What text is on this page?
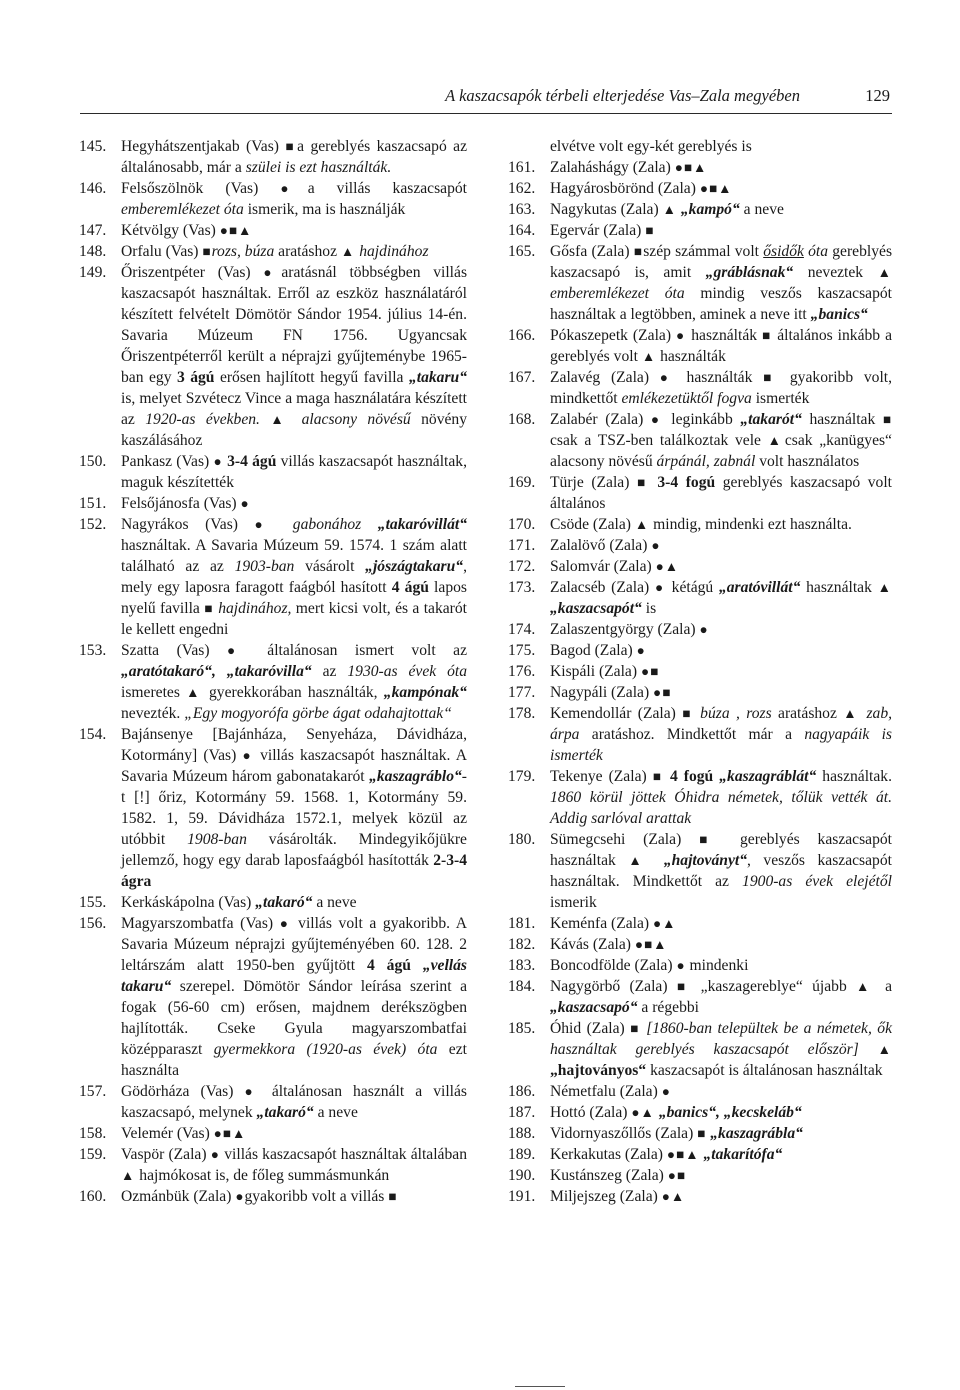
A kaszacsapók térbeli elterjedése Vas–Zala megyében	129
145. Hegyhátszentjakab (Vas) ■a gereblyés kaszacsapó az általánosabb, már a szülei is ezt használták.
146. Felsőszölnök (Vas) ●a villás kaszacsapót emberemlékezet óta ismerik, ma is használják
147. Kétvölgy (Vas) ●■▲
148. Orfalu (Vas) ■rozs, búza aratáshoz ▲ hajdinához
149. Őriszentpéter (Vas) ●aratásnál többségben villás kaszacsapót használtak. Erről az eszköz használatáról készített felvételt Dömötör Sándor 1954. július 14-én. Savaria Múzeum FN 1756. Ugyancsak Őriszentpéterről került a néprajzi gyűjteménybe 1965-ban egy 3 ágú erősen hajlított hegyű favilla „takaru“ is, melyet Szvétecz Vince a maga használatára készített az 1920-as években. ▲ alacsony növésű növény kaszálásához
150. Pankasz (Vas) ● 3-4 ágú villás kaszacsapót használtak, maguk készítették
151. Felsőjánosfa (Vas) ●
152. Nagyrákos (Vas) ● gabonához „takaróvillát“ használtak. A Savaria Múzeum 59. 1574. 1 szám alatt található az az 1903-ban vásárolt „jószágtakaru“, mely egy laposra faragott faágból hasított 4 ágú lapos nyelű favilla ■ hajdinához, mert kicsi volt, és a takarót le kellett engedni
153. Szatta (Vas) ● általánosan ismert volt az „aratótakaró“, „takaróvilla“ az 1930-as évek óta ismeretes ▲ gyerekkorában használták, „kampónak“ nevezték. „Egy mogyorófa görbe ágat odahajtottak“
154. Bajánsenye [Bajánháza, Senyeháza, Dávidháza, Kotormány] (Vas) ● villás kaszacsapót használtak. A Savaria Múzeum három gabonatakarót „kaszagráblo“-t [!] őriz, Kotormány 59. 1568. 1, Kotormány 59. 1582. 1, 59. Dávidháza 1572.1, melyek közül az utóbbit 1908-ban vásárolták. Mindegyikőjükre jellemző, hogy egy darab laposfaágból hasították 2-3-4 ágra
155. Kerkáskápolna (Vas) „takaró“ a neve
156. Magyarszombatfa (Vas) ● villás volt a gyakoribb. A Savaria Múzeum néprajzi gyűjteményében 60. 128. 2 leltárszám alatt 1950-ben gyűjtött 4 ágú „vellás takaru“ szerepel. Dömötör Sándor leírása szerint a fogak (56-60 cm) erősen, majdnem derékszögben hajlították. Cseke Gyula magyarszombatfai középparaszt gyermekkora (1920-as évek) óta ezt használta
157. Gödörháza (Vas) ● általánosan használt a villás kaszacsapó, melynek „takaró“ a neve
158. Velemér (Vas) ●■▲
159. Vaspör (Zala) ● villás kaszacsapót használtak általában ▲ hajmókosat is, de főleg summásmunkán
160. Ozmánbük (Zala) ●gyakoribb volt a villás ■
elvétve volt egy-két gereblyés is
161. Zalaháshágy (Zala) ●■▲
162. Hagyárosbörönd (Zala) ●■▲
163. Nagykutas (Zala) ▲ „kampó“ a neve
164. Egervár (Zala) ■
165. Gősfa (Zala) ■szép számmal volt ősidők óta gereblyés kaszacsapó is, amit „gráblásnak“ neveztek ▲ emberemlékezet óta mindig veszős kaszacsapót használtak a legtöbben, aminek a neve itt „banics“
166. Pókaszepetk (Zala) ● használták ■ általános inkább a gereblyés volt ▲ használták
167. Zalavég (Zala) ● használták ■ gyakoribb volt, mindkettőt emlékezetüktől fogva ismerték
168. Zalabér (Zala) ● leginkább „takarót“ használtak ■ csak a TSZ-ben találkoztak vele ▲csak „kanügyes“ alacsony növésű árpánál, zabnál volt használatos
169. Türje (Zala) ■ 3-4 fogú gereblyés kaszacsapó volt általános
170. Csöde (Zala) ▲ mindig, mindenki ezt használta.
171. Zalalövő (Zala) ●
172. Salomvár (Zala) ●▲
173. Zalacséb (Zala) ● kétágú „aratóvillát“ használtak ▲ „kaszacsapót“ is
174. Zalaszentgyörgy (Zala) ●
175. Bagod (Zala) ●
176. Kispáli (Zala) ●■
177. Nagypáli (Zala) ●■
178. Kemendollár (Zala) ■ búza , rozs aratáshoz ▲ zab, árpa aratáshoz. Mindkettőt már a nagyapáik is ismerték
179. Tekenye (Zala) ■ 4 fogú „kaszagráblát“ használtak. 1860 körül jöttek Óhidra németek, tőlük vették át. Addig sarlóval arattak
180. Sümegcsehi (Zala) ■ gereblyés kaszacsapót használtak ▲ „hajtoványt“, veszős kaszacsapót használtak. Mindkettőt az 1900-as évek elejétől ismerik
181. Keménfa (Zala) ●▲
182. Kávás (Zala) ●■▲
183. Boncodfölde (Zala) ● mindenki
184. Nagygörbő (Zala) ■ „kaszagereblye“ újabb ▲ a „kaszacsapó“ a régebbi
185. Óhid (Zala) ■ [1860-ban települtek be a németek, ők használtak gereblyés kaszacsapót először] ▲ „hajtoványos“ kaszacsapót is általánosan használtak
186. Németfalu (Zala) ●
187. Hottó (Zala) ●▲ „banics“, „kecskeláb“
188. Vidornyaszőllős (Zala) ■ „kaszagrábla“
189. Kerkakutas (Zala) ●■▲ „takarítófa“
190. Kustánszeg (Zala) ●■
191. Miljejszeg (Zala) ●▲
